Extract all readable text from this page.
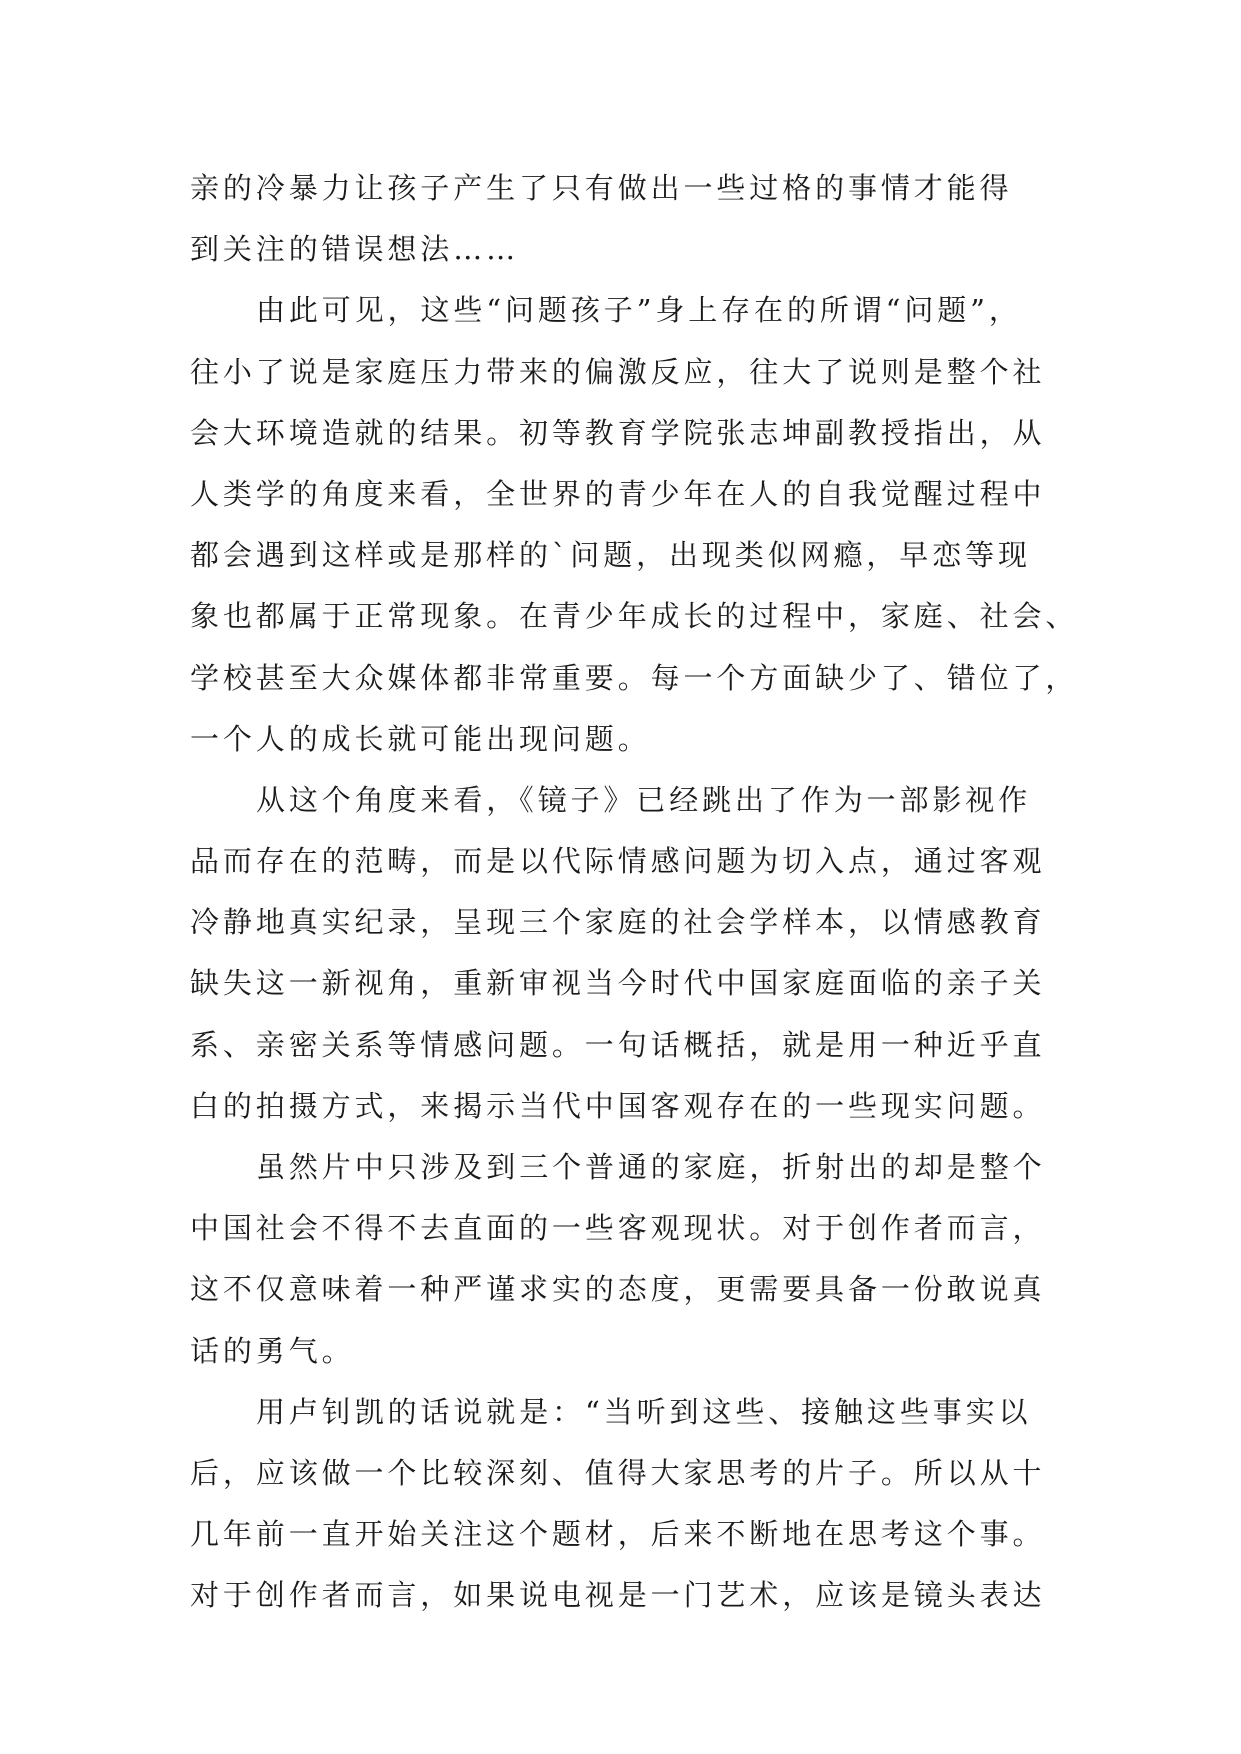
亲的冷暴力让孩子产生了只有做出一些过格的事情才能得
到关注的错误想法……
由此可见，这些“问题孩子”身上存在的所谓“问题”，
往小了说是家庭压力带来的偏激反应，往大了说则是整个社
会大环境造就的结果。初等教育学院张志坤副教授指出，从
人类学的角度来看，全世界的青少年在人的自我觉醒过程中
都会遇到这样或是那样的`问题，出现类似网瘾，早恋等现
象也都属于正常现象。在青少年成长的过程中，家庭、社会、
学校甚至大众媒体都非常重要。每一个方面缺少了、错位了，
一个人的成长就可能出现问题。
从这个角度来看，《镜子》已经跳出了作为一部影视作
品而存在的范畴，而是以代际情感问题为切入点，通过客观
冷静地真实纪录，呈现三个家庭的社会学样本，以情感教育
缺失这一新视角，重新审视当今时代中国家庭面临的亲子关
系、亲密关系等情感问题。一句话概括，就是用一种近乎直
白的拍摄方式，来揭示当代中国客观存在的一些现实问题。
虽然片中只涉及到三个普通的家庭，折射出的却是整个
中国社会不得不去直面的一些客观现状。对于创作者而言，
这不仅意味着一种严谨求实的态度，更需要具备一份敢说真
话的勇气。
用卢钊凯的话说就是：“当听到这些、接触这些事实以
后，应该做一个比较深刻、值得大家思考的片子。所以从十
几年前一直开始关注这个题材，后来不断地在思考这个事。
对于创作者而言，如果说电视是一门艺术，应该是镜头表达
